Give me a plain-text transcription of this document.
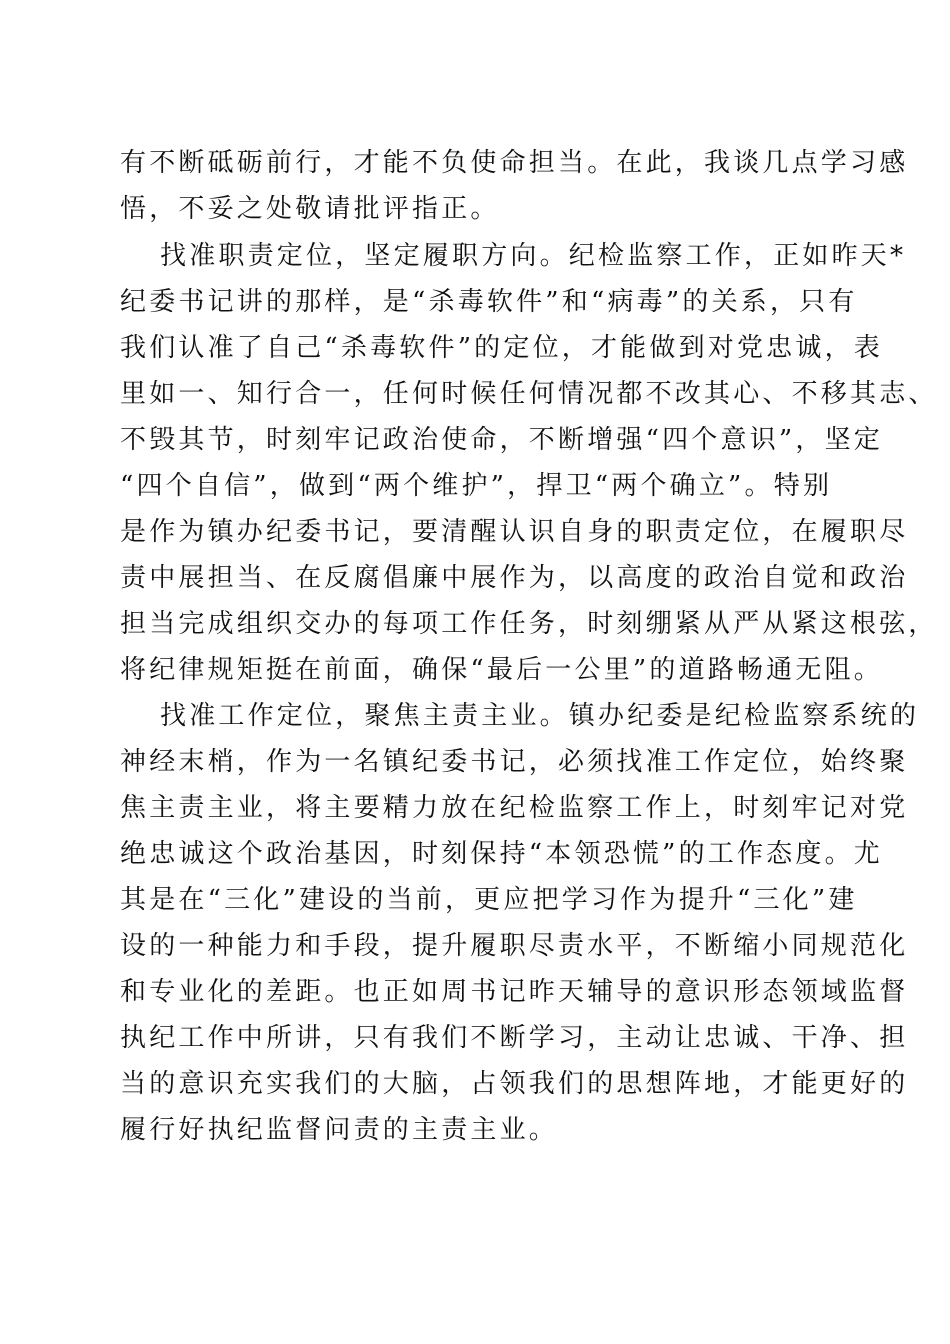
有不断砥砺前行，才能不负使命担当。在此，我谈几点学习感
悟，不妥之处敬请批评指正。
找准职责定位，坚定履职方向。纪检监察工作，正如昨天*
纪委书记讲的那样，是“杀毒软件”和“病毒”的关系，只有
我们认准了自己“杀毒软件”的定位，才能做到对党忠诚，表
里如一、知行合一，任何时候任何情况都不改其心、不移其志、
不毁其节，时刻牢记政治使命，不断增强“四个意识”，坚定
“四个自信”，做到“两个维护”，捍卫“两个确立”。特别
是作为镇办纪委书记，要清醒认识自身的职责定位，在履职尽
责中展担当、在反腐倡廉中展作为，以高度的政治自觉和政治
担当完成组织交办的每项工作任务，时刻绷紧从严从紧这根弦，
将纪律规矩挺在前面，确保“最后一公里”的道路畅通无阻。
找准工作定位，聚焦主责主业。镇办纪委是纪检监察系统的
神经末梢，作为一名镇纪委书记，必须找准工作定位，始终聚
焦主责主业，将主要精力放在纪检监察工作上，时刻牢记对党
绝忠诚这个政治基因，时刻保持“本领恐慌”的工作态度。尤
其是在“三化”建设的当前，更应把学习作为提升“三化”建
设的一种能力和手段，提升履职尽责水平，不断缩小同规范化
和专业化的差距。也正如周书记昨天辅导的意识形态领域监督
执纪工作中所讲，只有我们不断学习，主动让忠诚、干净、担
当的意识充实我们的大脑，占领我们的思想阵地，才能更好的
履行好执纪监督问责的主责主业。
